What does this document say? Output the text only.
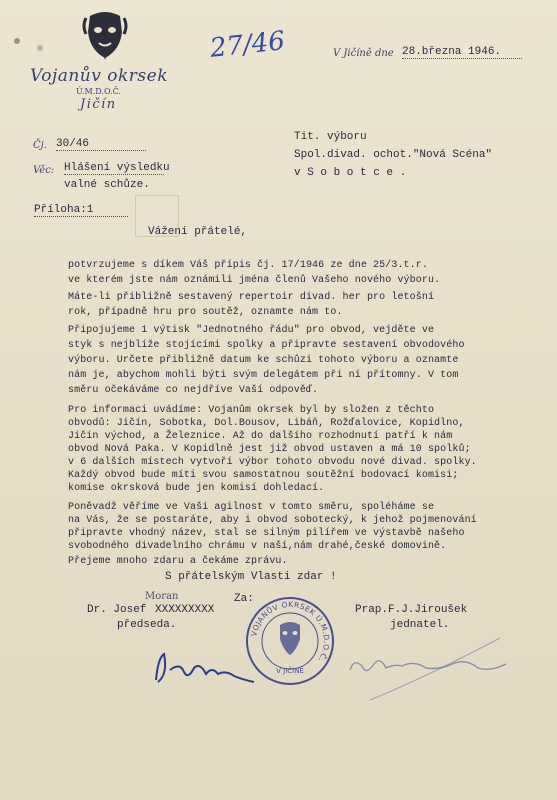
Vojanův okrsek
Ú.M.D.O.Č.
Jičín
27/46	V Jičíně dne 28.března 1946.
Čj. 30/46
Věc: Hlášení výsledku
valné schůze.
Příloha:1
Tit. výboru
Spol.divad. ochot."Nová Scéna"
v S o b o t c e .
Vážení přátelé,
potvrzujeme s díkem Váš přípis čj. 17/1946 ze dne 25/3.t.r.
ve kterém jste nám oznámili jména členů Vašeho nového výboru.
Máte-li přibližně sestavený repertoir divad. her pro letošní
rok, případně hru pro soutěž, oznamte nám to.
Připojujeme 1 výtisk "Jednotného řádu" pro obvod, vejděte ve
styk s nejblíže stojícími spolky a připravte sestavení obvodového
výboru. Určete přibližně datum ke schůzi tohoto výboru a oznamte
nám je, abychom mohli býti svým delegátem při ní přítomny. V tom
směru očekáváme co nejdříve Vaší odpověď.
Pro informaci uvádíme: Vojanům okrsek byl by složen z těchto
obvodů: Jičín, Sobotka, Dol.Bousov, Libáň, Rožďalovice, Kopidlno,
Jičín východ, a Železnice. Až do dalšího rozhodnutí patří k nám
obvod Nová Paka. V Kopidlně jest již obvod ustaven a má 10 spolků;
v 6 dalších místech vytvoří výbor tohoto obvodu nové divad. spolky.
Každý obvod bude míti svou samostatnou soutěžní bodovací komisi;
komise okrsková bude jen komisí dohledací.
Poněvadž věříme ve Vaši agilnost v tomto směru, spoléháme se
na Vás, že se postaráte, aby i obvod sobotecký, k jehož pojmenování
připravte vhodný název, stal se silným pilířem ve výstavbě našeho
svobodného divadelního chrámu v naší,nám drahé,české domovině.
Přejeme mnoho zdaru a čekáme zprávu.
S přátelským Vlasti zdar !
Za:
Moran
Dr. Josef XXXXXXXXX
předseda.
Prap.F.J.Jiroušek
jednatel.
VOJANŮV OKRSEK Ú.M.D.O.Č.
V JIČÍNĚ
